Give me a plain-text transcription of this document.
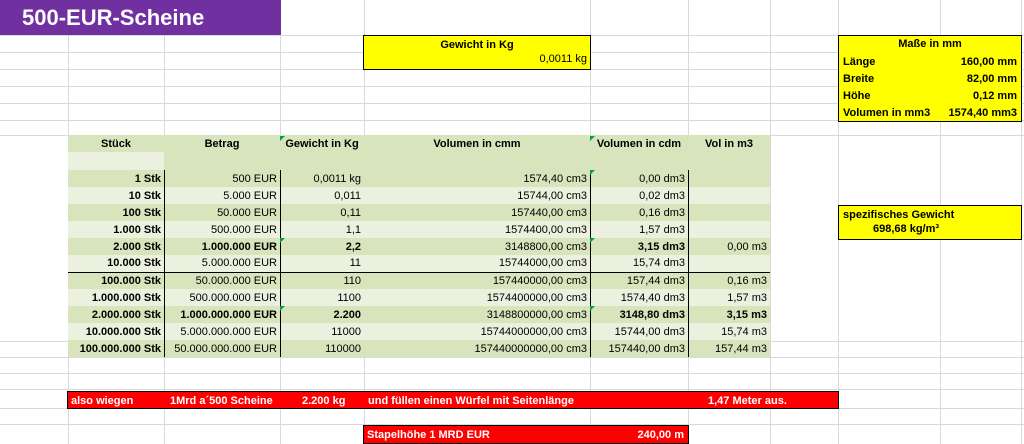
500-EUR-Scheine
Gewicht in Kg
0,0011 kg
Maße in mm
Länge	160,00 mm
Breite	82,00 mm
Höhe	0,12 mm
Volumen in mm3 1574,40 mm3
spezifisches Gewicht
698,68 kg/m³
Stück	Betrag	Gewicht in Kg	Volumen in cmm	Volumen in cdm	Vol in m3

1 Stk	500 EUR	0,0011 kg	1574,40 cm3	0,00 dm3	
10 Stk	5.000 EUR	0,011	15744,00 cm3	0,02 dm3	
100 Stk	50.000 EUR	0,11	157440,00 cm3	0,16 dm3	
1.000 Stk	500.000 EUR	1,1	1574400,00 cm3	1,57 dm3	
2.000 Stk	1.000.000 EUR	2,2	3148800,00 cm3	3,15 dm3	0,00 m3
10.000 Stk	5.000.000 EUR	11	15744000,00 cm3	15,74 dm3	
100.000 Stk	50.000.000 EUR	110	157440000,00 cm3	157,44 dm3	0,16 m3
1.000.000 Stk	500.000.000 EUR	1100	1574400000,00 cm3	1574,40 dm3	1,57 m3
2.000.000 Stk	1.000.000.000 EUR	2.200	3148800000,00 cm3	3148,80 dm3	3,15 m3
10.000.000 Stk	5.000.000.000 EUR	11000	15744000000,00 cm3	15744,00 dm3	15,74 m3
100.000.000 Stk	50.000.000.000 EUR	110000	157440000000,00 cm3	157440,00 dm3	157,44 m3
also wiegen	1Mrd a´500 Scheine	2.200 kg und füllen einen Würfel mit Seitenlänge	1,47 Meter aus.
Stapelhöhe 1 MRD EUR	240,00 m
